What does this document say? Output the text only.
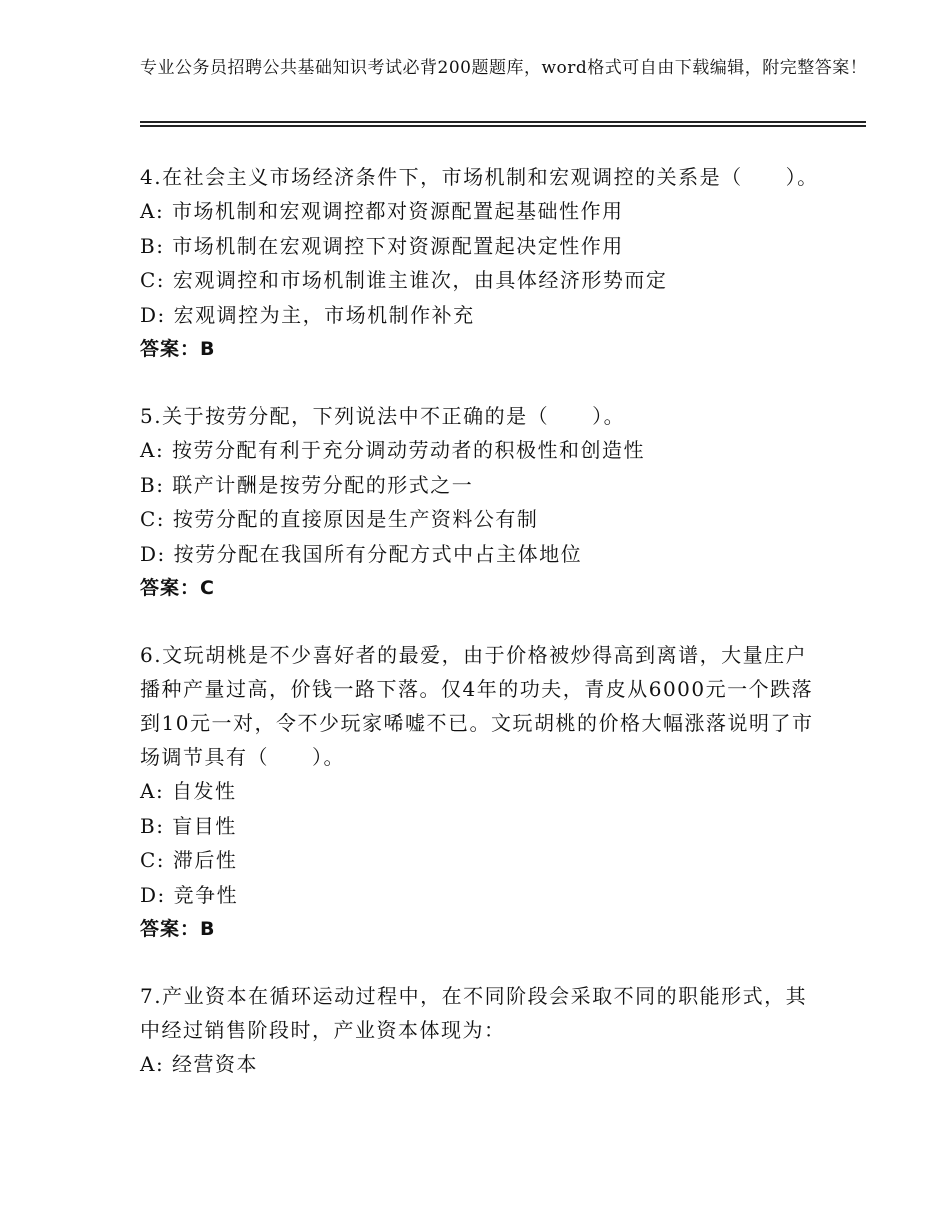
专业公务员招聘公共基础知识考试必背200题题库，word格式可自由下载编辑，附完整答案！
4.在社会主义市场经济条件下，市场机制和宏观调控的关系是（　　）。
A: 市场机制和宏观调控都对资源配置起基础性作用
B: 市场机制在宏观调控下对资源配置起决定性作用
C: 宏观调控和市场机制谁主谁次，由具体经济形势而定
D: 宏观调控为主，市场机制作补充
答案：B
5.关于按劳分配，下列说法中不正确的是（　　）。
A: 按劳分配有利于充分调动劳动者的积极性和创造性
B: 联产计酬是按劳分配的形式之一
C: 按劳分配的直接原因是生产资料公有制
D: 按劳分配在我国所有分配方式中占主体地位
答案：C
6.文玩胡桃是不少喜好者的最爱，由于价格被炒得高到离谱，大量庄户播种产量过高，价钱一路下落。仅4年的功夫，青皮从6000元一个跌落到10元一对，令不少玩家唏嘘不已。文玩胡桃的价格大幅涨落说明了市场调节具有（　　）。
A: 自发性
B: 盲目性
C: 滞后性
D: 竞争性
答案：B
7.产业资本在循环运动过程中，在不同阶段会采取不同的职能形式，其中经过销售阶段时，产业资本体现为：
A: 经营资本
